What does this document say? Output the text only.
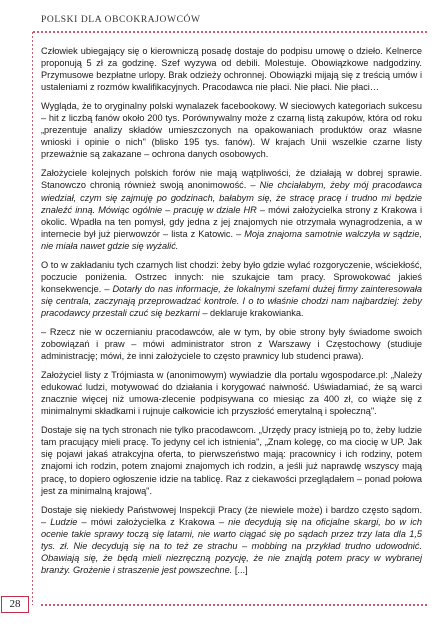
POLSKI DLA OBCOKRAJOWCÓW

Człowiek ubiegający się o kierowniczą posadę dostaje do podpisu umowę o dzieło. Kelnerce proponują 5 zł za godzinę. Szef wyzywa od debili. Molestuje. Obowiązkowe nadgodziny. Przymusowe bezpłatne urlopy. Brak odzieży ochronnej. Obowiązki mijają się z treścią umów i ustaleniami z rozmów kwalifikacyjnych. Pracodawca nie płaci. Nie płaci. Nie płaci…

Wygląda, że to oryginalny polski wynalazek facebookowy. W sieciowych kategoriach sukcesu – hit z liczbą fanów około 200 tys. Porównywalny może z czarną listą zakupów, która od roku „prezentuje analizy składów umieszczonych na opakowaniach produktów oraz własne wnioski i opinie o nich" (blisko 195 tys. fanów). W krajach Unii wszelkie czarne listy przeważnie są zakazane – ochrona danych osobowych.

Założyciele kolejnych polskich forów nie mają wątpliwości, że działają w dobrej sprawie. Stanowczo chronią również swoją anonimowość. – Nie chciałabym, żeby mój pracodawca wiedział, czym się zajmuję po godzinach, bałabym się, że stracę pracę i trudno mi będzie znaleźć inną. Mówiąc ogólnie – pracuję w dziale HR – mówi założycielka strony z Krakowa i okolic. Wpadła na ten pomysł, gdy jedna z jej znajomych nie otrzymała wynagrodzenia, a w internecie był już pierwowzór – lista z Katowic. – Moja znajoma samotnie walczyła w sądzie, nie miała nawet gdzie się wyżalić.

O to w zakładaniu tych czarnych list chodzi: żeby było gdzie wylać rozgoryczenie, wściekłość, poczucie poniżenia. Ostrzec innych: nie szukajcie tam pracy. Sprowokować jakieś konsekwencje. – Dotarły do nas informacje, że lokalnymi szefami dużej firmy zainteresowała się centrala, zaczynają przeprowadzać kontrole. I o to właśnie chodzi nam najbardziej: żeby pracodawcy przestali czuć się bezkarni – deklaruje krakowianka.

– Rzecz nie w oczernianiu pracodawców, ale w tym, by obie strony były świadome swoich zobowiązań i praw – mówi administrator stron z Warszawy i Częstochowy (studiuje administrację; mówi, że inni założyciele to często prawnicy lub studenci prawa).

Założyciel listy z Trójmiasta w (anonimowym) wywiadzie dla portalu wgospodarce.pl: „Należy edukować ludzi, motywować do działania i korygować naiwność. Uświadamiać, że są warci znacznie więcej niż umowa-zlecenie podpisywana co miesiąc za 400 zł, co wiąże się z minimalnymi składkami i rujnuje całkowicie ich przyszłość emerytalną i społeczną".

Dostaje się na tych stronach nie tylko pracodawcom. „Urzędy pracy istnieją po to, żeby ludzie tam pracujący mieli pracę. To jedyny cel ich istnienia", „Znam kolegę, co ma ciocię w UP. Jak się pojawi jakaś atrakcyjna oferta, to pierwszeństwo mają: pracownicy i ich rodziny, potem znajomi ich rodzin, potem znajomi znajomych ich rodzin, a jeśli już naprawdę wszyscy mają pracę, to dopiero ogłoszenie idzie na tablicę. Raz z ciekawości przeglądałem – ponad połowa jest za minimalną krajową".

Dostaje się niekiedy Państwowej Inspekcji Pracy (że niewiele może) i bardzo często sądom. – Ludzie – mówi założycielka z Krakowa – nie decydują się na oficjalne skargi, bo w ich ocenie takie sprawy toczą się latami, nie warto ciągać się po sądach przez trzy lata dla 1,5 tys. zł. Nie decydują się na to też ze strachu – mobbing na przykład trudno udowodnić. Obawiają się, że będą mieli niezręczną pozycję, że nie znajdą potem pracy w wybranej branży. Grożenie i straszenie jest powszechne. [...]

28
